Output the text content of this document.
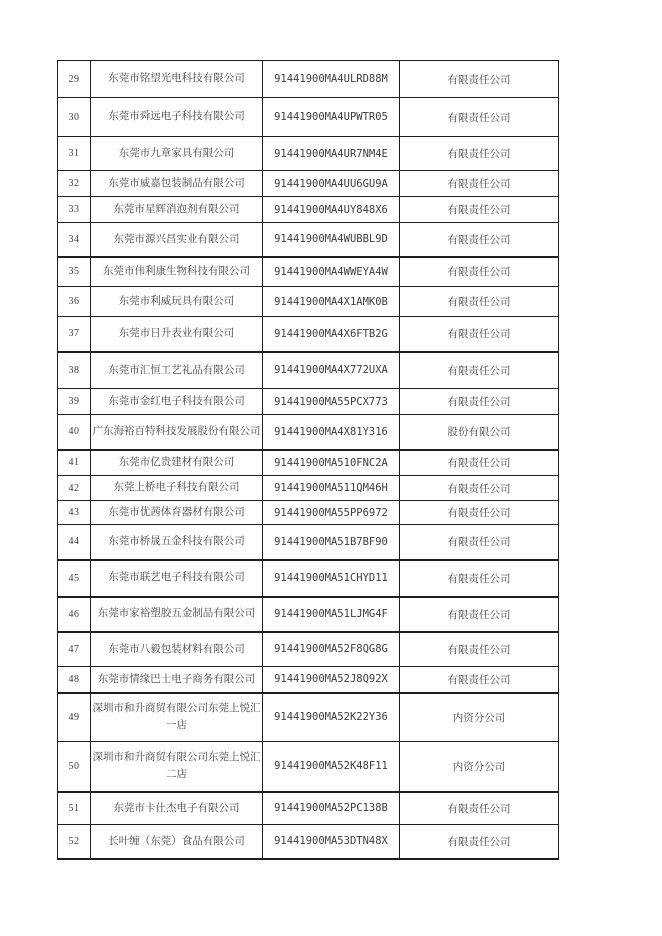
29	东莞市铭望光电科技有限公司	91441900MA4ULRD88M	有限责任公司
30	东莞市舜远电子科技有限公司	91441900MA4UPWTR05	有限责任公司
31	东莞市九章家具有限公司	91441900MA4UR7NM4E	有限责任公司
32	东莞市威嘉包装制品有限公司	91441900MA4UU6GU9A	有限责任公司
33	东莞市星辉消泡剂有限公司	91441900MA4UY848X6	有限责任公司
34	东莞市源兴昌实业有限公司	91441900MA4WUBBL9D	有限责任公司
35	东莞市伟利康生物科技有限公司	91441900MA4WWEYA4W	有限责任公司
36	东莞市利威玩具有限公司	91441900MA4X1AMK0B	有限责任公司
37	东莞市日升表业有限公司	91441900MA4X6FTB2G	有限责任公司
38	东莞市汇恒工艺礼品有限公司	91441900MA4X772UXA	有限责任公司
39	东莞市金红电子科技有限公司	91441900MA55PCX773	有限责任公司
40	广东海裕百特科技发展股份有限公司	91441900MA4X81Y316	股份有限公司
41	东莞市亿贵建材有限公司	91441900MA510FNC2A	有限责任公司
42	东莞上桥电子科技有限公司	91441900MA511QM46H	有限责任公司
43	东莞市优茜体育器材有限公司	91441900MA55PP6972	有限责任公司
44	东莞市桥晟五金科技有限公司	91441900MA51B7BF90	有限责任公司
45	东莞市联艺电子科技有限公司	91441900MA51CHYD11	有限责任公司
46	东莞市家裕塑胶五金制品有限公司	91441900MA51LJMG4F	有限责任公司
47	东莞市八毅包装材料有限公司	91441900MA52F8QG8G	有限责任公司
48	东莞市情缘巴士电子商务有限公司	91441900MA52J8Q92X	有限责任公司
49	深圳市和升商贸有限公司东莞上悦汇一店	91441900MA52K22Y36	内资分公司
50	深圳市和升商贸有限公司东莞上悦汇二店	91441900MA52K48F11	内资分公司
51	东莞市卡仕杰电子有限公司	91441900MA52PC138B	有限责任公司
52	长叶缠（东莞）食品有限公司	91441900MA53DTN48X	有限责任公司
